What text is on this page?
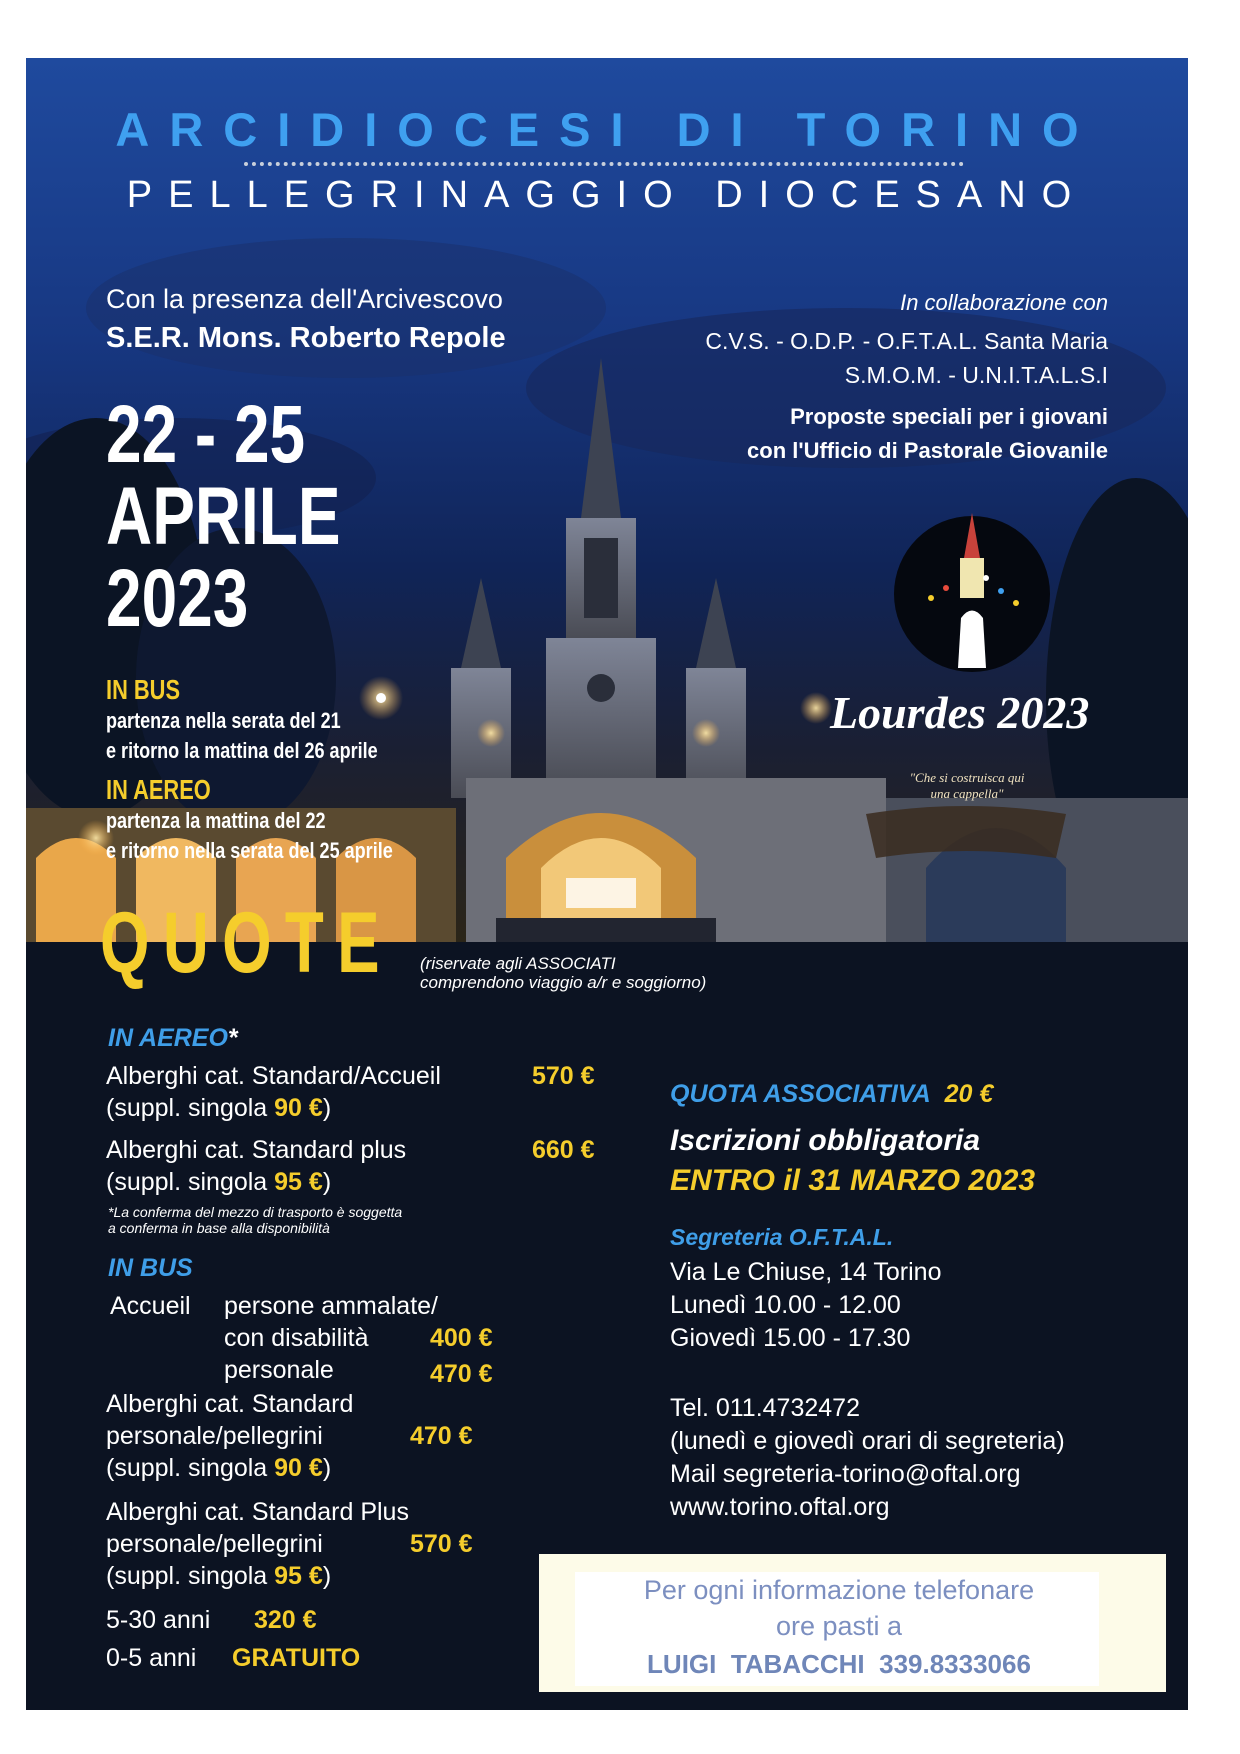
ARCIDIOCESI DI TORINO
PELLEGRINAGGIO DIOCESANO
Con la presenza dell'Arcivescovo
S.E.R. Mons. Roberto Repole
In collaborazione con
C.V.S. - O.D.P. - O.F.T.A.L. Santa Maria
S.M.O.M. - U.N.I.T.A.L.S.I
Proposte speciali per i giovani
con l'Ufficio di Pastorale Giovanile
22 - 25
APRILE
2023
Lourdes 2023
"Che si costruisca qui
una cappella"
IN BUS
partenza nella serata del 21
e ritorno la mattina del 26 aprile
IN AEREO
partenza la mattina del 22
e ritorno nella serata del 25 aprile
QUOTE (riservate agli ASSOCIATI
comprendono viaggio a/r e soggiorno)
IN AEREO*
Alberghi cat. Standard/Accueil	570 €
(suppl. singola 90 €)
Alberghi cat. Standard plus	660 €
(suppl. singola 95 €)
*La conferma del mezzo di trasporto è soggetta
a conferma in base alla disponibilità
IN BUS
Accueil persone ammalate/
con disabilità 400 €
personale	470 €
Alberghi cat. Standard
personale/pellegrini	470 €
(suppl. singola 90 €)
Alberghi cat. Standard Plus
personale/pellegrini	570 €
(suppl. singola 95 €)
5-30 anni 320 €
0-5 anni GRATUITO
QUOTA ASSOCIATIVA 20 €
Iscrizioni obbligatoria
ENTRO il 31 MARZO 2023
Segreteria O.F.T.A.L.
Via Le Chiuse, 14 Torino
Lunedì 10.00 - 12.00
Giovedì 15.00 - 17.30
Tel. 011.4732472
(lunedì e giovedì orari di segreteria)
Mail segreteria-torino@oftal.org
www.torino.oftal.org
Per ogni informazione telefonare
ore pasti a
LUIGI  TABACCHI  339.8333066
